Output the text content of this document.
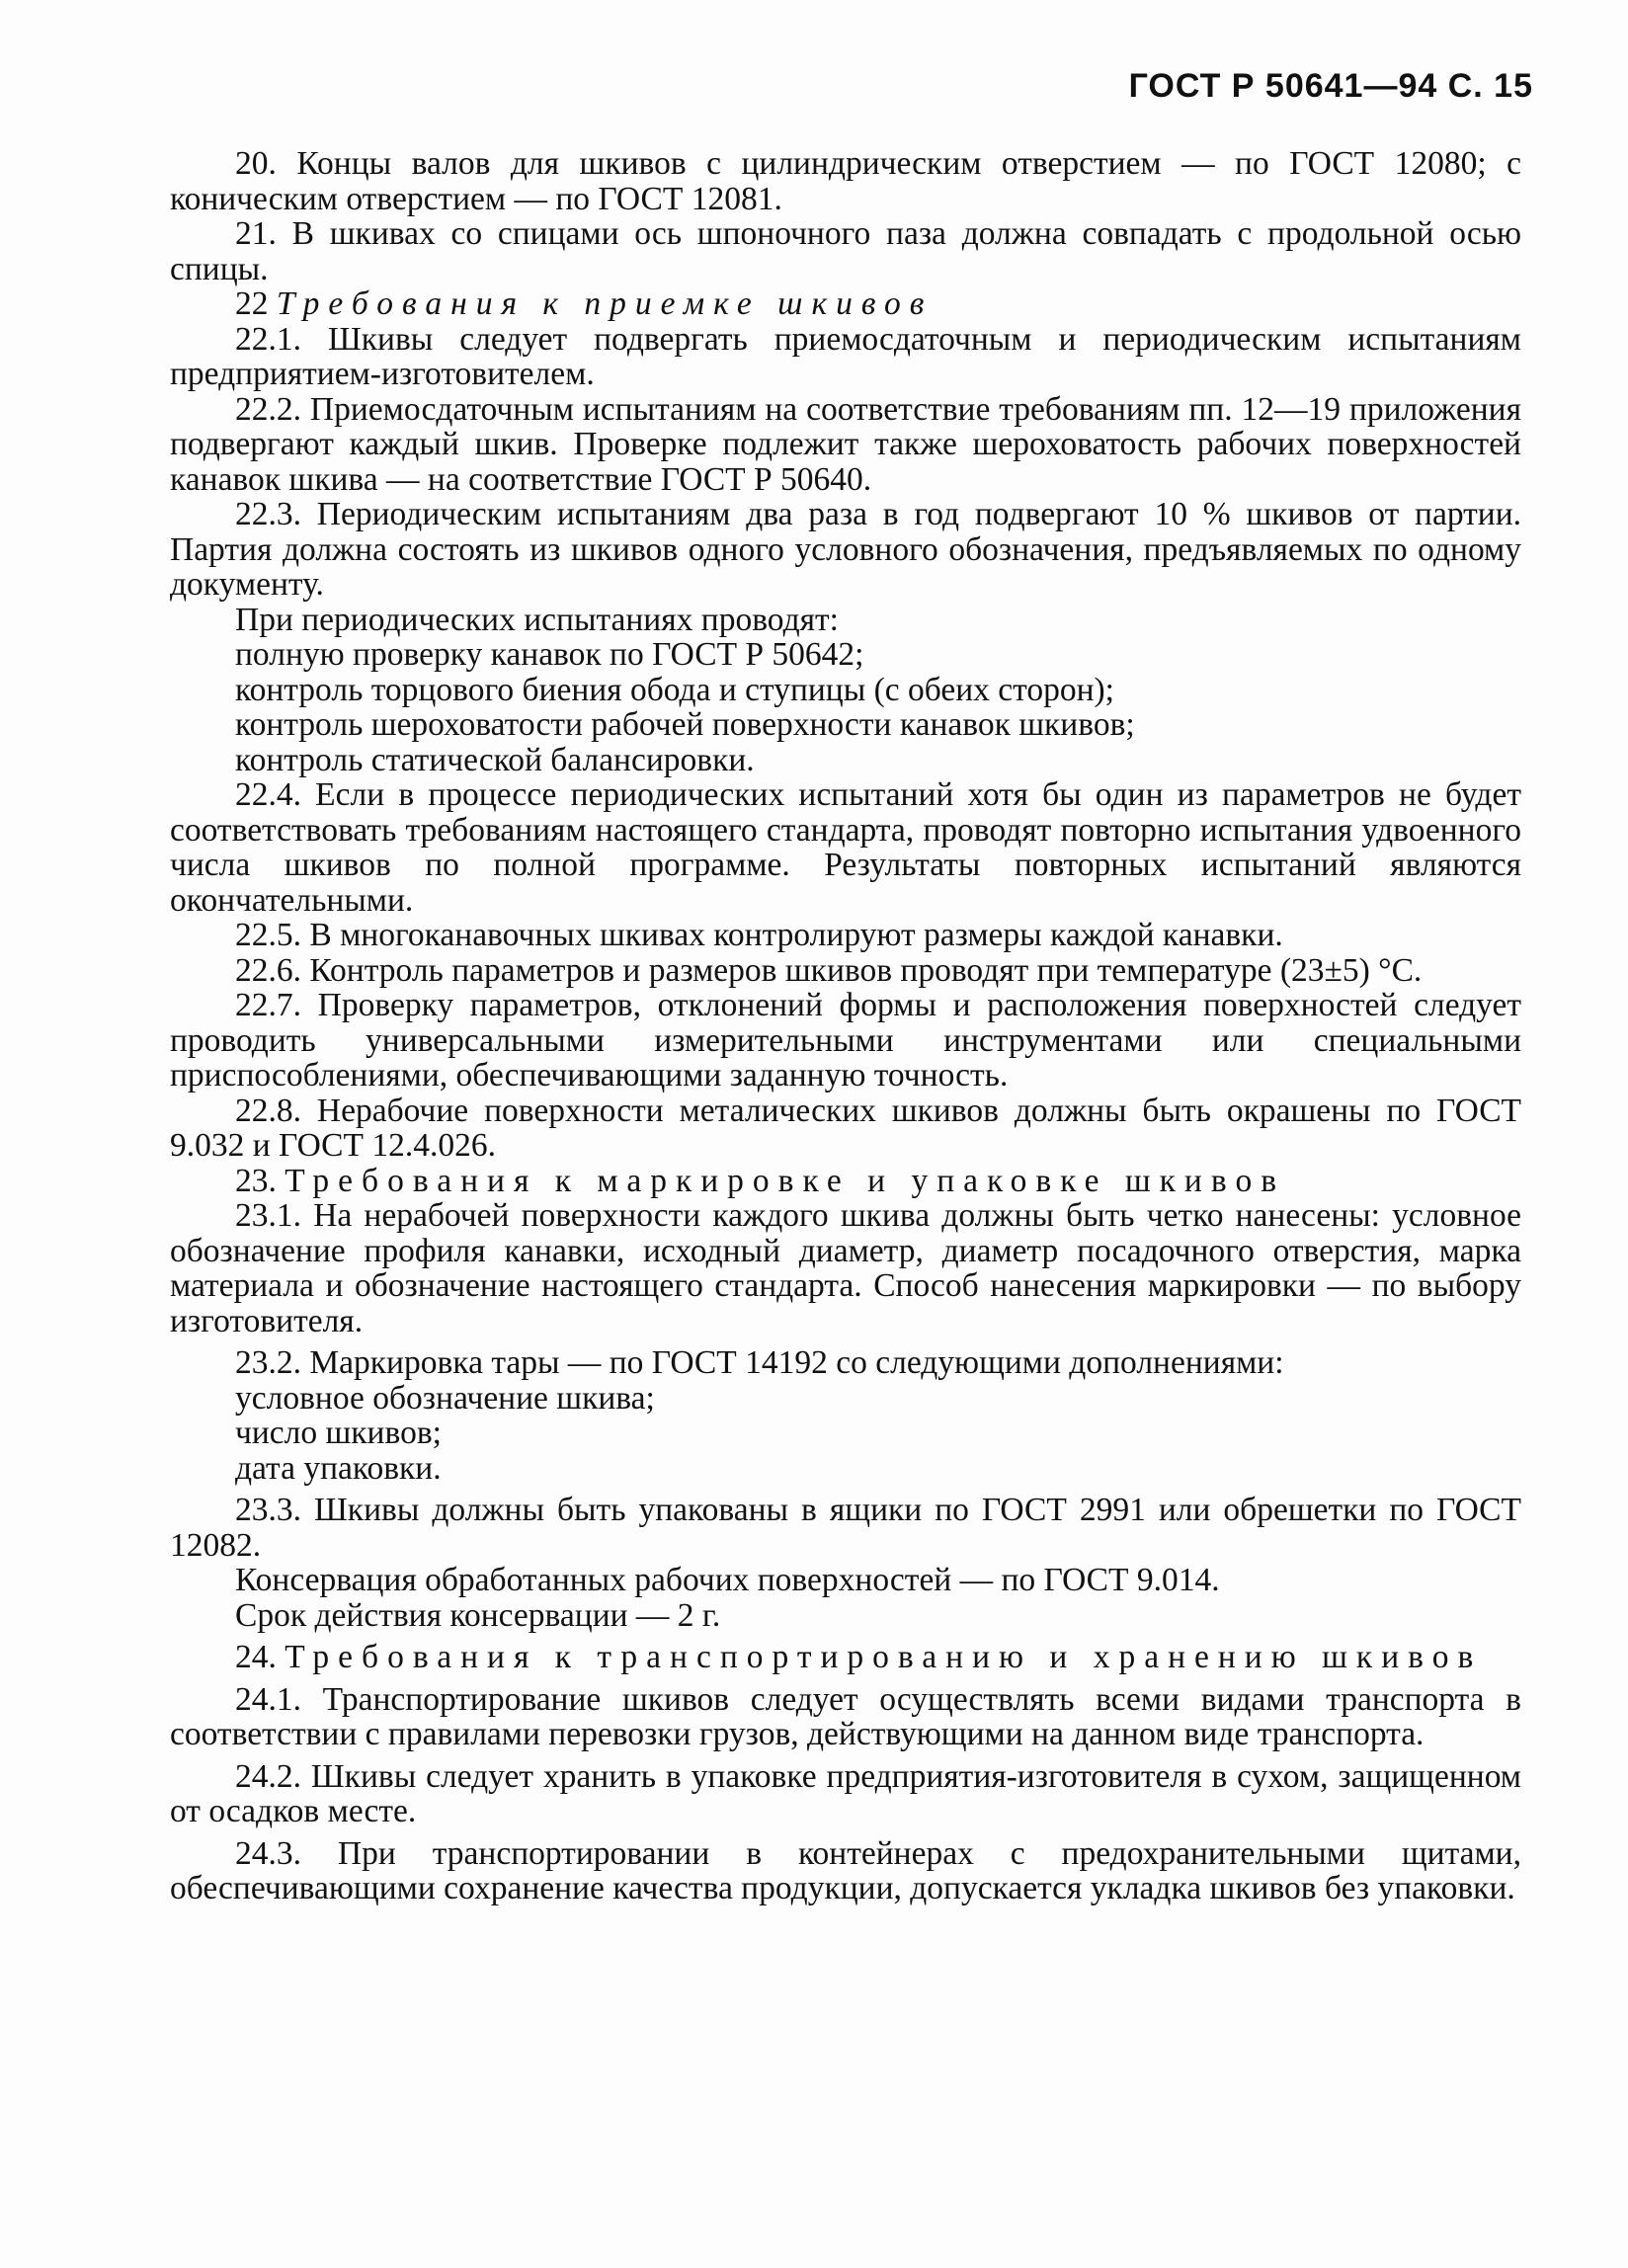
ГОСТ Р 50641—94 С. 15

20. Концы валов для шкивов с цилиндрическим отверстием — по ГОСТ 12080; с коническим отверстием — по ГОСТ 12081.

21. В шкивах со спицами ось шпоночного паза должна совпадать с продольной осью спицы.

22 Требования к приемке шкивов

22.1. Шкивы следует подвергать приемосдаточным и периодическим испытаниям предприятием-изготовителем.

22.2. Приемосдаточным испытаниям на соответствие требованиям пп. 12—19 приложения подвергают каждый шкив. Проверке подлежит также шероховатость рабочих поверхностей канавок шкива — на соответствие ГОСТ Р 50640.

22.3. Периодическим испытаниям два раза в год подвергают 10 % шкивов от партии. Партия должна состоять из шкивов одного условного обозначения, предъявляемых по одному документу.

При периодических испытаниях проводят:

полную проверку канавок по ГОСТ Р 50642;

контроль торцового биения обода и ступицы (с обеих сторон);

контроль шероховатости рабочей поверхности канавок шкивов;

контроль статической балансировки.

22.4. Если в процессе периодических испытаний хотя бы один из параметров не будет соответствовать требованиям настоящего стандарта, проводят повторно испытания удвоенного числа шкивов по полной программе. Результаты повторных испытаний являются окончательными.

22.5. В многоканавочных шкивах контролируют размеры каждой канавки.

22.6. Контроль параметров и размеров шкивов проводят при температуре (23±5) °С.

22.7. Проверку параметров, отклонений формы и расположения поверхностей следует проводить универсальными измерительными инструментами или специальными приспособлениями, обеспечивающими заданную точность.

22.8. Нерабочие поверхности металических шкивов должны быть окрашены по ГОСТ 9.032 и ГОСТ 12.4.026.

23. Требования к маркировке и упаковке шкивов

23.1. На нерабочей поверхности каждого шкива должны быть четко нанесены: условное обозначение профиля канавки, исходный диаметр, диаметр посадочного отверстия, марка материала и обозначение настоящего стандарта. Способ нанесения маркировки — по выбору изготовителя.

23.2. Маркировка тары — по ГОСТ 14192 со следующими дополнениями:

условное обозначение шкива;

число шкивов;

дата упаковки.

23.3. Шкивы должны быть упакованы в ящики по ГОСТ 2991 или обрешетки по ГОСТ 12082.

Консервация обработанных рабочих поверхностей — по ГОСТ 9.014.

Срок действия консервации — 2 г.

24. Требования к транспортированию и хранению шкивов

24.1. Транспортирование шкивов следует осуществлять всеми видами транспорта в соответствии с правилами перевозки грузов, действующими на данном виде транспорта.

24.2. Шкивы следует хранить в упаковке предприятия-изготовителя в сухом, защищенном от осадков месте.

24.3. При транспортировании в контейнерах с предохранительными щитами, обеспечивающими сохранение качества продукции, допускается укладка шкивов без упаковки.
